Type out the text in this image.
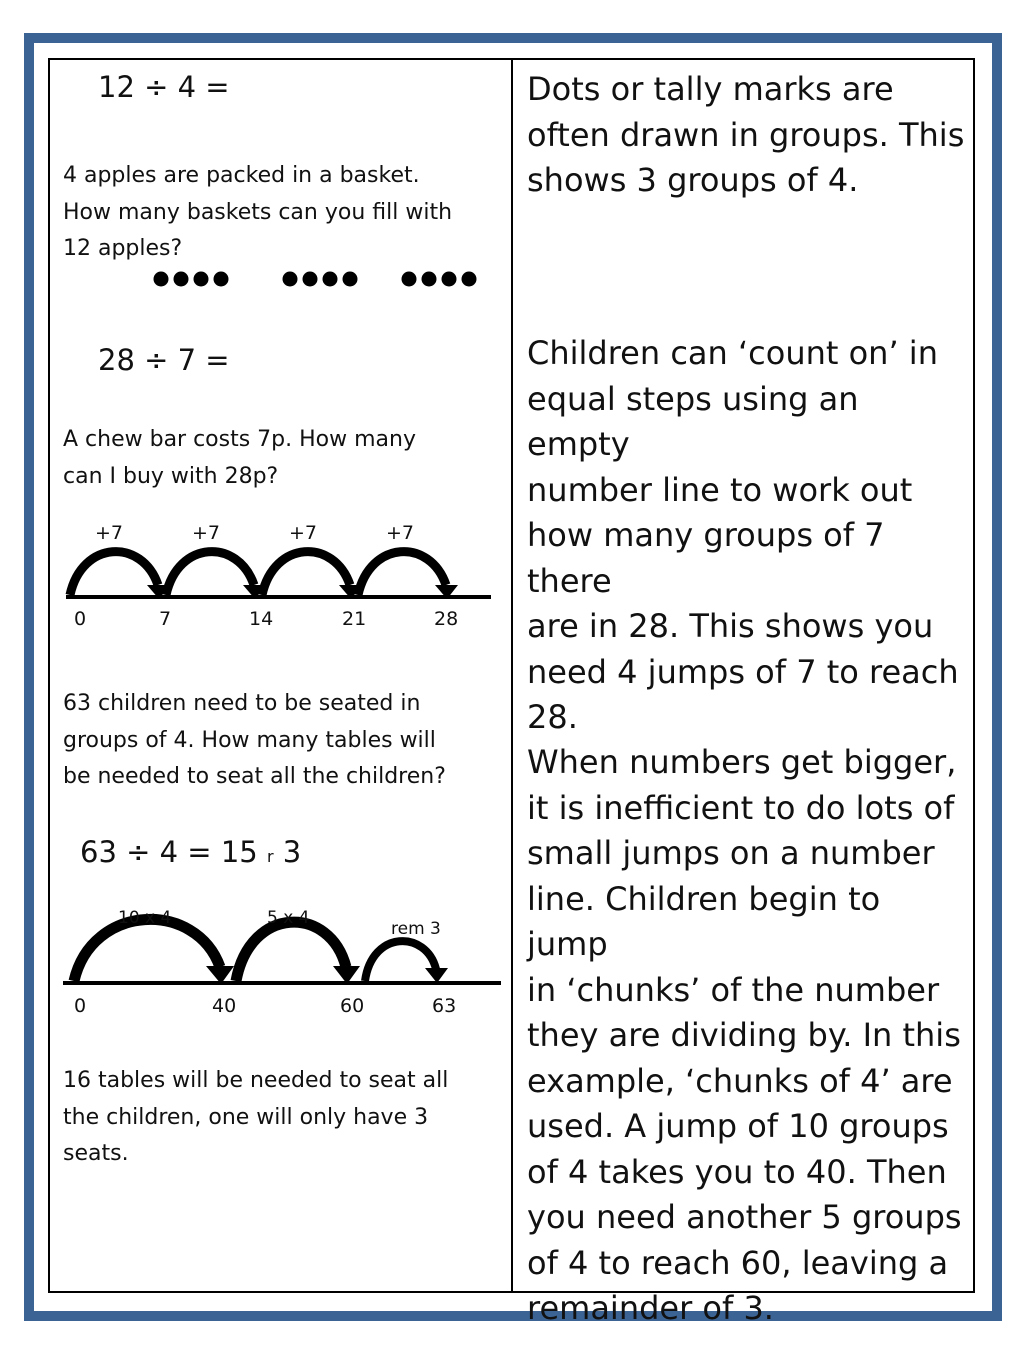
12 ÷ 4 =

4 apples are packed in a basket.
How many baskets can you fill with
12 apples?

28 ÷ 7 =

A chew bar costs 7p. How many
can I buy with 28p?
+7	+7	+7	+7
0	7	14	21	28
63 children need to be seated in
groups of 4. How many tables will
be needed to seat all the children?

63 ÷ 4 = 15 r 3

10 x 4	5 x 4
rem 3
0	40	60	63
16 tables will be needed to seat all
the children, one will only have 3
seats.
Dots or tally marks are
often drawn in groups. This
shows 3 groups of 4.
Children can ‘count on’ in
equal steps using an empty
number line to work out
how many groups of 7 there
are in 28. This shows you
need 4 jumps of 7 to reach
28.
When numbers get bigger,
it is inefficient to do lots of
small jumps on a number
line. Children begin to jump
in ‘chunks’ of the number
they are dividing by. In this
example, ‘chunks of 4’ are
used. A jump of 10 groups
of 4 takes you to 40. Then
you need another 5 groups
of 4 to reach 60, leaving a
remainder of 3.
